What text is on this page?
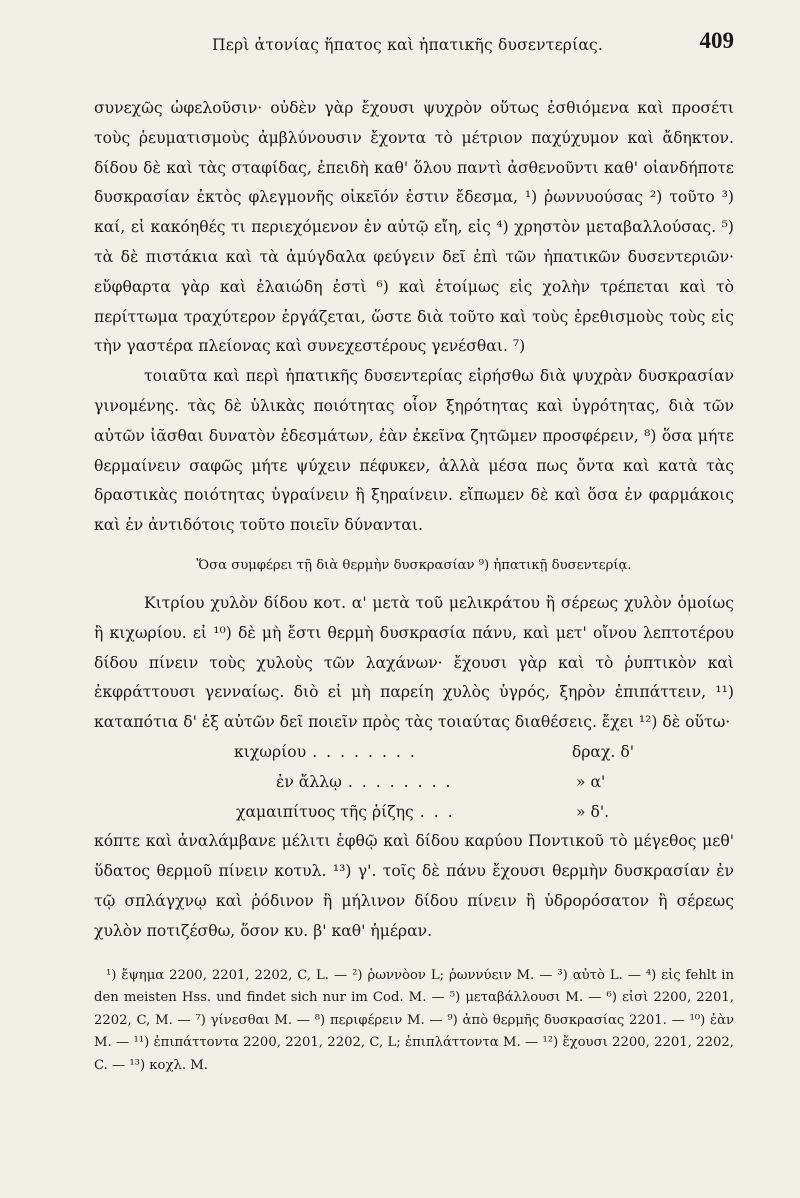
Περὶ ἀτονίας ἥπατος καὶ ἡπατικῆς δυσεντερίας.	409

συνεχῶς ὠφελοῦσιν· οὐδὲν γὰρ ἔχουσι ψυχρὸν οὕτως ἐσθιόμενα καὶ προσέτι τοὺς ῥευματισμοὺς ἀμβλύνουσιν ἔχοντα τὸ μέτριον παχύχυμον καὶ ἄδηκτον. δίδου δὲ καὶ τὰς σταφίδας, ἐπειδὴ καθ' ὅλου παντὶ ἀσθενοῦντι καθ' οἱανδήποτε δυσκρασίαν ἐκτὸς φλεγμονῆς οἰκεῖόν ἐστιν ἔδεσμα, ¹) ῥωννυούσας ²) τοῦτο ³) καί, εἰ κακόηθές τι περιεχόμενον ἐν αὐτῷ εἴη, εἰς ⁴) χρηστὸν μεταβαλλούσας. ⁵) τὰ δὲ πιστάκια καὶ τὰ ἀμύγδαλα φεύγειν δεῖ ἐπὶ τῶν ἡπατικῶν δυσεντεριῶν· εὔφθαρτα γὰρ καὶ ἐλαιώδη ἐστὶ ⁶) καὶ ἑτοίμως εἰς χολὴν τρέπεται καὶ τὸ περίττωμα τραχύτερον ἐργάζεται, ὥστε διὰ τοῦτο καὶ τοὺς ἐρεθισμοὺς τοὺς εἰς τὴν γαστέρα πλείονας καὶ συνεχεστέρους γενέσθαι. ⁷)

τοιαῦτα καὶ περὶ ἡπατικῆς δυσεντερίας εἰρήσθω διὰ ψυχρὰν δυσκρασίαν γινομένης. τὰς δὲ ὑλικὰς ποιότητας οἷον ξηρότητας καὶ ὑγρότητας, διὰ τῶν αὐτῶν ἰᾶσθαι δυνατὸν ἐδεσμάτων, ἐὰν ἐκεῖνα ζητῶμεν προσφέρειν, ⁸) ὅσα μήτε θερμαίνειν σαφῶς μήτε ψύχειν πέφυκεν, ἀλλὰ μέσα πως ὄντα καὶ κατὰ τὰς δραστικὰς ποιότητας ὑγραίνειν ἢ ξηραίνειν. εἴπωμεν δὲ καὶ ὅσα ἐν φαρμάκοις καὶ ἐν ἀντιδότοις τοῦτο ποιεῖν δύνανται.

Ὅσα συμφέρει τῇ διὰ θερμὴν δυσκρασίαν ⁹) ἡπατικῇ δυσεντερίᾳ.

Κιτρίου χυλὸν δίδου κοτ. α' μετὰ τοῦ μελικράτου ἢ σέρεως χυλὸν ὁμοίως ἢ κιχωρίου. εἰ ¹⁰) δὲ μὴ ἔστι θερμὴ δυσκρασία πάνυ, καὶ μετ' οἴνου λεπτοτέρου δίδου πίνειν τοὺς χυλοὺς τῶν λαχάνων· ἔχουσι γὰρ καὶ τὸ ῥυπτικὸν καὶ ἐκφράττουσι γενναίως. διὸ εἰ μὴ παρείη χυλὸς ὑγρός, ξηρὸν ἐπιπάττειν, ¹¹) καταπότια δ' ἐξ αὐτῶν δεῖ ποιεῖν πρὸς τὰς τοιαύτας διαθέσεις. ἔχει ¹²) δὲ οὕτω·

κιχωρίου ........	δραχ. δ'
ἐν ἄλλῳ ........	» α'
χαμαιπίτυος τῆς ῥίζης ...	» δ'.

κόπτε καὶ ἀναλάμβανε μέλιτι ἑφθῷ καὶ δίδου καρύου Ποντικοῦ τὸ μέγεθος μεθ' ὕδατος θερμοῦ πίνειν κοτυλ. ¹³) γ'. τοῖς δὲ πάνυ ἔχουσι θερμὴν δυσκρασίαν ἐν τῷ σπλάγχνῳ καὶ ῥόδινον ἢ μήλινον δίδου πίνειν ἢ ὑδρορόσατον ἢ σέρεως χυλὸν ποτιζέσθω, ὅσον κυ. β' καθ' ἡμέραν.

¹) ἔψημα 2200, 2201, 2202, C, L. — ²) ῥωννὸον L; ῥωννύειν M. — ³) αὐτὸ L. — ⁴) εἰς fehlt in den meisten Hss. und findet sich nur im Cod. M. — ⁵) μεταβάλλουσι M. — ⁶) εἰσὶ 2200, 2201, 2202, C, M. — ⁷) γίνεσθαι M. — ⁸) περιφέρειν M. — ⁹) ἀπὸ θερμῆς δυσκρασίας 2201. — ¹⁰) ἐὰν M. — ¹¹) ἐπιπάττοντα 2200, 2201, 2202, C, L; ἐπιπλάττοντα M. — ¹²) ἔχουσι 2200, 2201, 2202, C. — ¹³) κοχλ. M.
